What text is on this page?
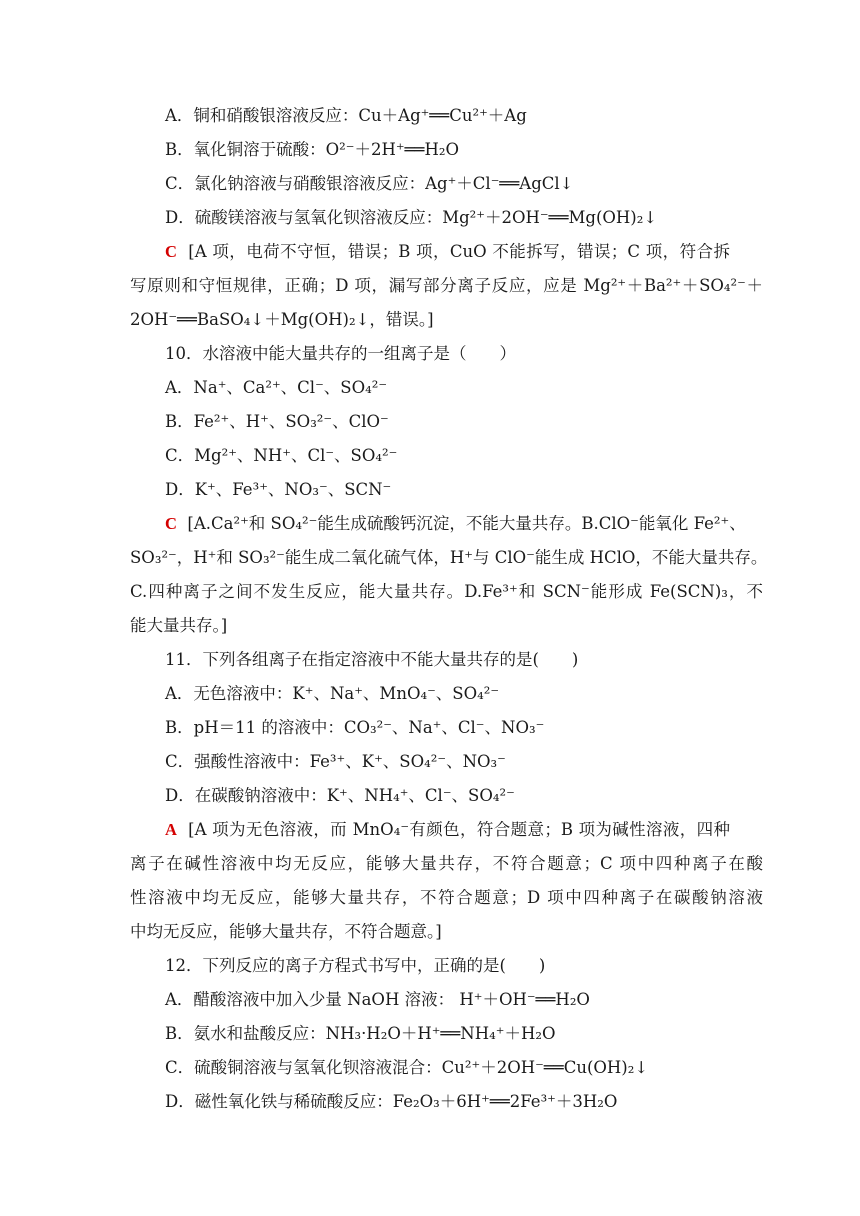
A．铜和硝酸银溶液反应：Cu＋Ag⁺══Cu²⁺＋Ag
B．氧化铜溶于硫酸：O²⁻＋2H⁺══H₂O
C．氯化钠溶液与硝酸银溶液反应：Ag⁺＋Cl⁻══AgCl↓
D．硫酸镁溶液与氢氧化钡溶液反应：Mg²⁺＋2OH⁻══Mg(OH)₂↓
C [A 项，电荷不守恒，错误；B 项，CuO 不能拆写，错误；C 项，符合拆
写原则和守恒规律，正确；D 项，漏写部分离子反应，应是 Mg²⁺＋Ba²⁺＋SO₄²⁻＋
2OH⁻══BaSO₄↓＋Mg(OH)₂↓，错误。]
10．水溶液中能大量共存的一组离子是（　　）
A．Na⁺、Ca²⁺、Cl⁻、SO₄²⁻
B．Fe²⁺、H⁺、SO₃²⁻、ClO⁻
C．Mg²⁺、NH⁺、Cl⁻、SO₄²⁻
D．K⁺、Fe³⁺、NO₃⁻、SCN⁻
C [A.Ca²⁺和 SO₄²⁻能生成硫酸钙沉淀，不能大量共存。B.ClO⁻能氧化 Fe²⁺、
SO₃²⁻，H⁺和 SO₃²⁻能生成二氧化硫气体，H⁺与 ClO⁻能生成 HClO，不能大量共存。
C.四种离子之间不发生反应，能大量共存。D.Fe³⁺和 SCN⁻能形成 Fe(SCN)₃，不
能大量共存。]
11．下列各组离子在指定溶液中不能大量共存的是(　　)
A．无色溶液中：K⁺、Na⁺、MnO₄⁻、SO₄²⁻
B．pH＝11 的溶液中：CO₃²⁻、Na⁺、Cl⁻、NO₃⁻
C．强酸性溶液中：Fe³⁺、K⁺、SO₄²⁻、NO₃⁻
D．在碳酸钠溶液中：K⁺、NH₄⁺、Cl⁻、SO₄²⁻
A [A 项为无色溶液，而 MnO₄⁻有颜色，符合题意；B 项为碱性溶液，四种
离子在碱性溶液中均无反应，能够大量共存，不符合题意；C 项中四种离子在酸
性溶液中均无反应，能够大量共存，不符合题意；D 项中四种离子在碳酸钠溶液
中均无反应，能够大量共存，不符合题意。]
12．下列反应的离子方程式书写中，正确的是(　　)
A．醋酸溶液中加入少量 NaOH 溶液： H⁺＋OH⁻══H₂O
B．氨水和盐酸反应：NH₃·H₂O＋H⁺══NH₄⁺＋H₂O
C．硫酸铜溶液与氢氧化钡溶液混合：Cu²⁺＋2OH⁻══Cu(OH)₂↓
D．磁性氧化铁与稀硫酸反应：Fe₂O₃＋6H⁺══2Fe³⁺＋3H₂O
